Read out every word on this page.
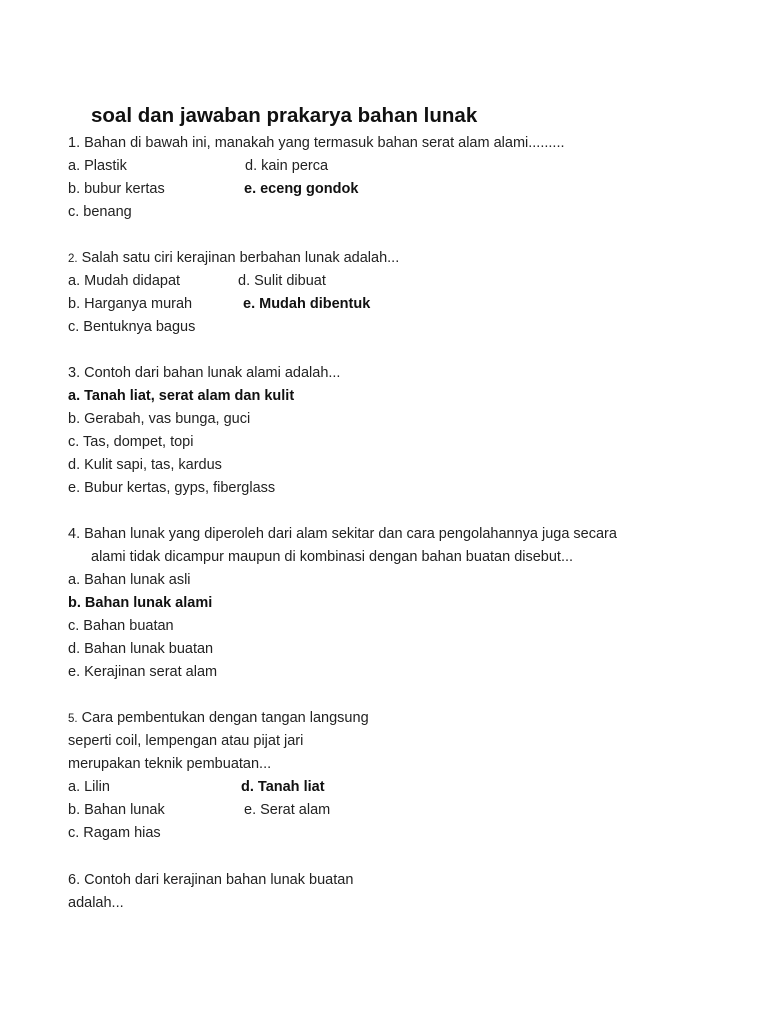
soal dan jawaban prakarya bahan lunak
1. Bahan di bawah ini, manakah yang termasuk bahan serat alam alami.........
a. Plastik	d. kain perca
b. bubur kertas	e. eceng gondok
c. benang
2. Salah satu ciri kerajinan berbahan lunak adalah...
a. Mudah didapat	d. Sulit dibuat
b. Harganya murah	e. Mudah dibentuk
c. Bentuknya bagus
3. Contoh dari bahan lunak alami adalah...
a. Tanah liat, serat alam dan kulit
b. Gerabah, vas bunga, guci
c. Tas, dompet, topi
d. Kulit sapi, tas, kardus
e. Bubur kertas, gyps, fiberglass
4. Bahan lunak yang diperoleh dari alam sekitar dan cara pengolahannya juga secara
alami tidak dicampur maupun di kombinasi dengan bahan buatan disebut...
a. Bahan lunak asli
b. Bahan lunak alami
c. Bahan buatan
d. Bahan lunak buatan
e. Kerajinan serat alam
5. Cara pembentukan dengan tangan langsung
seperti coil, lempengan atau pijat jari
merupakan teknik pembuatan...
a. Lilin	d. Tanah liat
b. Bahan lunak	e. Serat alam
c. Ragam hias
6. Contoh dari kerajinan bahan lunak buatan
adalah...
